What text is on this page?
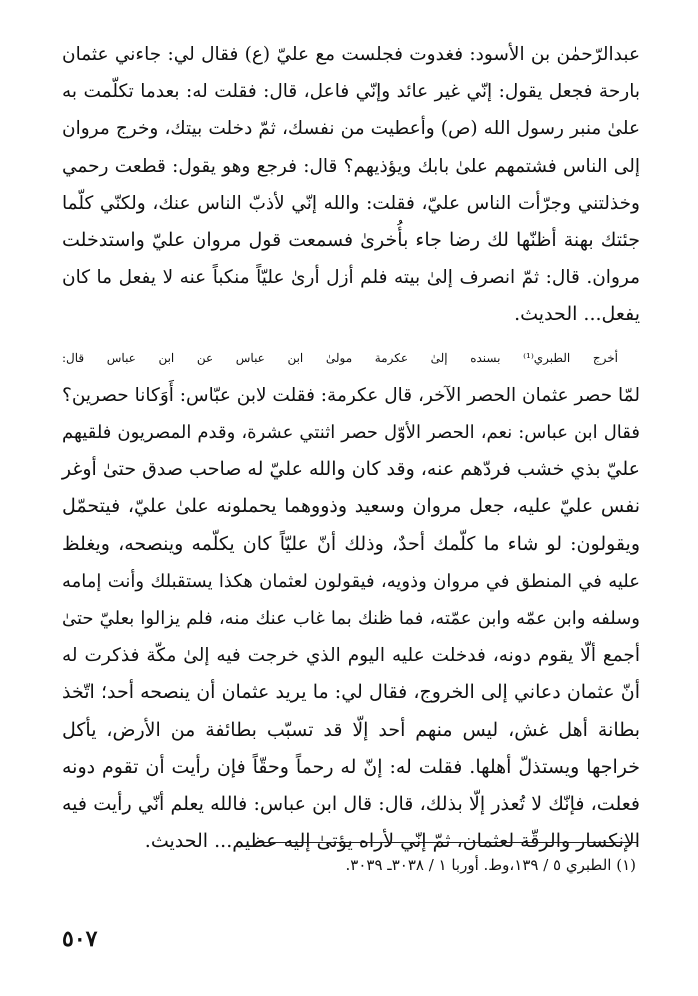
عبدالرّحمٰن بن الأسود: فغدوت فجلست مع عليّ (ع) فقال لي: جاءني عثمان
بارحة فجعل يقول: إنّي غير عائد وإنّي فاعل، قال: فقلت له: بعدما تكلّمت به
علىٰ منبر رسول الله (ص) وأعطيت من نفسك، ثمّ دخلت بيتك، وخرج مروان
إلى الناس فشتمهم علىٰ بابك ويؤذيهم؟ قال: فرجع وهو يقول: قطعت رحمي
وخذلتني وجرّأت الناس عليّ، فقلت: والله إنّي لأذبّ الناس عنك، ولكنّي كلّما
جئتك بهنة أظنّها لك رضا جاء بأُخرىٰ فسمعت قول مروان عليّ واستدخلت
مروان. قال: ثمّ انصرف إلىٰ بيته فلم أزل أرىٰ عليّاً منكباً عنه لا يفعل ما كان
يفعل... الحديث.
أخرج الطبري⁽¹⁾ بسنده إلىٰ عكرمة مولىٰ ابن عباس عن ابن عباس قال:
لمّا حصر عثمان الحصر الآخر، قال عكرمة: فقلت لابن عبّاس: أَوَكانا حصرين؟
فقال ابن عباس: نعم، الحصر الأوّل حصر اثنتي عشرة، وقدم المصريون فلقيهم
عليّ بذي خشب فردّهم عنه، وقد كان والله عليّ له صاحب صدق حتىٰ أوغر
نفس عليّ عليه، جعل مروان وسعيد وذووهما يحملونه علىٰ عليّ، فيتحمّل
ويقولون: لو شاء ما كلّمك أحدٌ، وذلك أنّ عليّاً كان يكلّمه وينصحه، ويغلظ
عليه في المنطق في مروان وذويه، فيقولون لعثمان هكذا يستقبلك وأنت إمامه
وسلفه وابن عمّه وابن عمّته، فما ظنك بما غاب عنك منه، فلم يزالوا بعليّ حتىٰ
أجمع ألّا يقوم دونه، فدخلت عليه اليوم الذي خرجت فيه إلىٰ مكّة فذكرت له
أنّ عثمان دعاني إلى الخروج، فقال لي: ما يريد عثمان أن ينصحه أحد؛ اتّخذ
بطانة أهل غش، ليس منهم أحد إلّا قد تسبّب بطائفة من الأرض، يأكل
خراجها ويستذلّ أهلها. فقلت له: إنّ له رحماً وحقّاً فإن رأيت أن تقوم دونه
فعلت، فإنّك لا تُعذر إلّا بذلك، قال: قال ابن عباس: فالله يعلم أنّي رأيت فيه
الإنكسار والرقّة لعثمان، ثمّ إنّي لأراه يؤتىٰ إليه عظيم... الحديث.
(١) الطبري ٥ / ١٣٩،وط. أوربا ١ / ٣٠٣٨ـ ٣٠٣٩.
٥٠٧
